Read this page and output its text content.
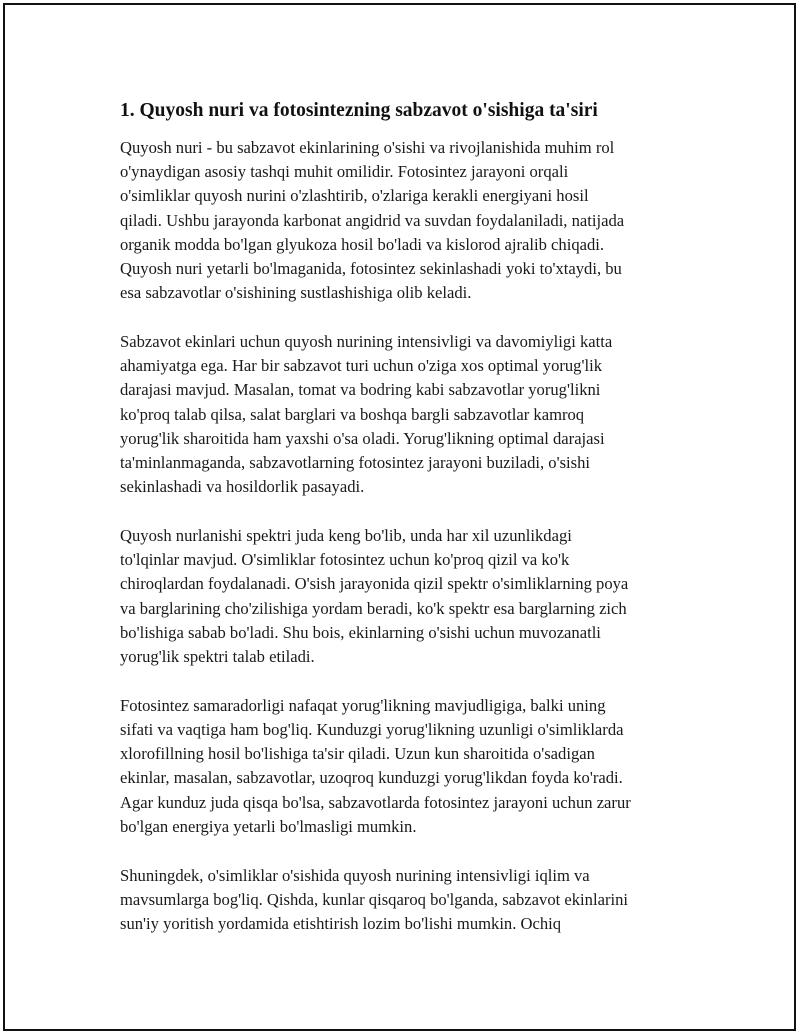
1. Quyosh nuri va fotosintezning sabzavot o'sishiga ta'siri

Quyosh nuri - bu sabzavot ekinlarining o'sishi va rivojlanishida muhim rol
o'ynaydigan asosiy tashqi muhit omilidir. Fotosintez jarayoni orqali
o'simliklar quyosh nurini o'zlashtirib, o'zlariga kerakli energiyani hosil
qiladi. Ushbu jarayonda karbonat angidrid va suvdan foydalaniladi, natijada
organik modda bo'lgan glyukoza hosil bo'ladi va kislorod ajralib chiqadi.
Quyosh nuri yetarli bo'lmaganida, fotosintez sekinlashadi yoki to'xtaydi, bu
esa sabzavotlar o'sishining sustlashishiga olib keladi.

Sabzavot ekinlari uchun quyosh nurining intensivligi va davomiyligi katta
ahamiyatga ega. Har bir sabzavot turi uchun o'ziga xos optimal yorug'lik
darajasi mavjud. Masalan, tomat va bodring kabi sabzavotlar yorug'likni
ko'proq talab qilsa, salat barglari va boshqa bargli sabzavotlar kamroq
yorug'lik sharoitida ham yaxshi o'sa oladi. Yorug'likning optimal darajasi
ta'minlanmaganda, sabzavotlarning fotosintez jarayoni buziladi, o'sishi
sekinlashadi va hosildorlik pasayadi.

Quyosh nurlanishi spektri juda keng bo'lib, unda har xil uzunlikdagi
to'lqinlar mavjud. O'simliklar fotosintez uchun ko'proq qizil va ko'k
chiroqlardan foydalanadi. O'sish jarayonida qizil spektr o'simliklarning poya
va barglarining cho'zilishiga yordam beradi, ko'k spektr esa barglarning zich
bo'lishiga sabab bo'ladi. Shu bois, ekinlarning o'sishi uchun muvozanatli
yorug'lik spektri talab etiladi.

Fotosintez samaradorligi nafaqat yorug'likning mavjudligiga, balki uning
sifati va vaqtiga ham bog'liq. Kunduzgi yorug'likning uzunligi o'simliklarda
xlorofillning hosil bo'lishiga ta'sir qiladi. Uzun kun sharoitida o'sadigan
ekinlar, masalan, sabzavotlar, uzoqroq kunduzgi yorug'likdan foyda ko'radi.
Agar kunduz juda qisqa bo'lsa, sabzavotlarda fotosintez jarayoni uchun zarur
bo'lgan energiya yetarli bo'lmasligi mumkin.

Shuningdek, o'simliklar o'sishida quyosh nurining intensivligi iqlim va
mavsumlarga bog'liq. Qishda, kunlar qisqaroq bo'lganda, sabzavot ekinlarini
sun'iy yoritish yordamida etishtirish lozim bo'lishi mumkin. Ochiq
